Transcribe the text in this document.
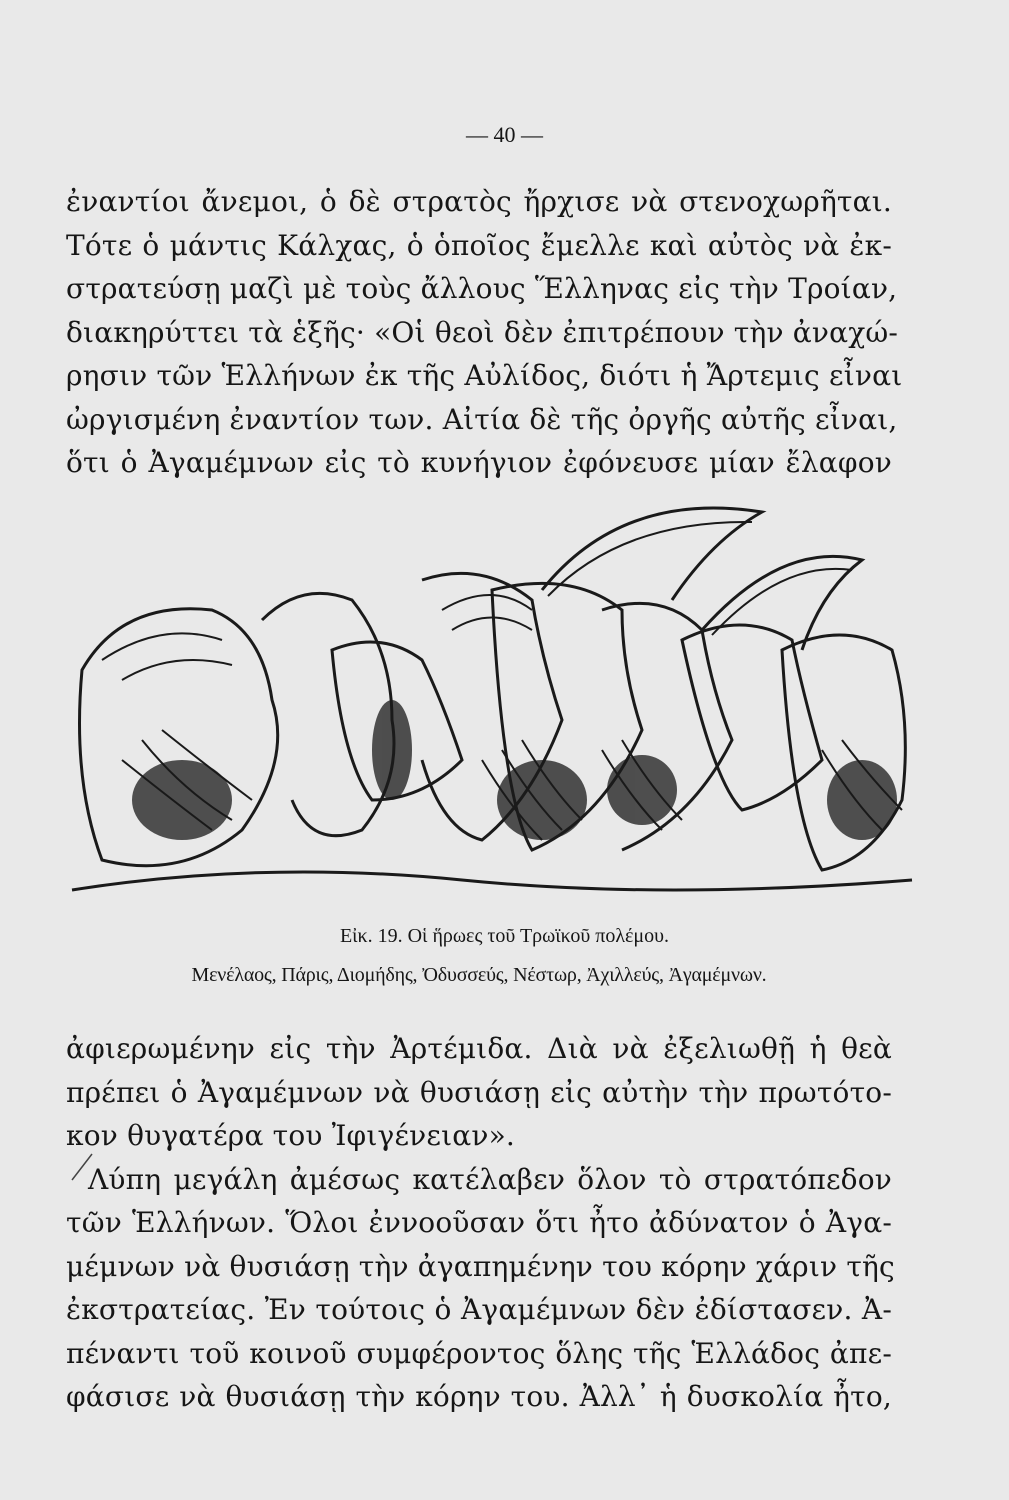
— 40 —
ἐναντίοι ἄνεμοι, ὁ δὲ στρατὸς ἤρχισε νὰ στενοχωρῆται.
Τότε ὁ μάντις Κάλχας, ὁ ὁποῖος ἔμελλε καὶ αὐτὸς νὰ ἐκ-
στρατεύσῃ μαζὶ μὲ τοὺς ἄλλους Ἕλληνας εἰς τὴν Τροίαν,
διακηρύττει τὰ ἑξῆς· «Οἱ θεοὶ δὲν ἐπιτρέπουν τὴν ἀναχώ-
ρησιν τῶν Ἑλλήνων ἐκ τῆς Αὐλίδος, διότι ἡ Ἄρτεμις εἶναι
ὠργισμένη ἐναντίον των. Αἰτία δὲ τῆς ὀργῆς αὐτῆς εἶναι,
ὅτι ὁ Ἀγαμέμνων εἰς τὸ κυνήγιον ἐφόνευσε μίαν ἔλαφον
Εἰκ. 19. Οἱ ἥρωες τοῦ Τρωϊκοῦ πολέμου.
Μενέλαος, Πάρις, Διομήδης, Ὀδυσσεύς, Νέστωρ, Ἀχιλλεύς, Ἀγαμέμνων.
ἀφιερωμένην εἰς τὴν Ἀρτέμιδα. Διὰ νὰ ἐξελιωθῇ ἡ θεὰ
πρέπει ὁ Ἀγαμέμνων νὰ θυσιάσῃ εἰς αὐτὴν τὴν πρωτότο-
κον θυγατέρα του Ἰφιγένειαν».
Λύπη μεγάλη ἀμέσως κατέλαβεν ὅλον τὸ στρατόπεδον
τῶν Ἑλλήνων. Ὅλοι ἐννοοῦσαν ὅτι ἦτο ἀδύνατον ὁ Ἀγα-
μέμνων νὰ θυσιάσῃ τὴν ἀγαπημένην του κόρην χάριν τῆς
ἐκστρατείας. Ἐν τούτοις ὁ Ἀγαμέμνων δὲν ἐδίστασεν. Ἀ-
πέναντι τοῦ κοινοῦ συμφέροντος ὅλης τῆς Ἑλλάδος ἀπε-
φάσισε νὰ θυσιάσῃ τὴν κόρην του. Ἀλλ᾽ ἡ δυσκολία ἦτο,
